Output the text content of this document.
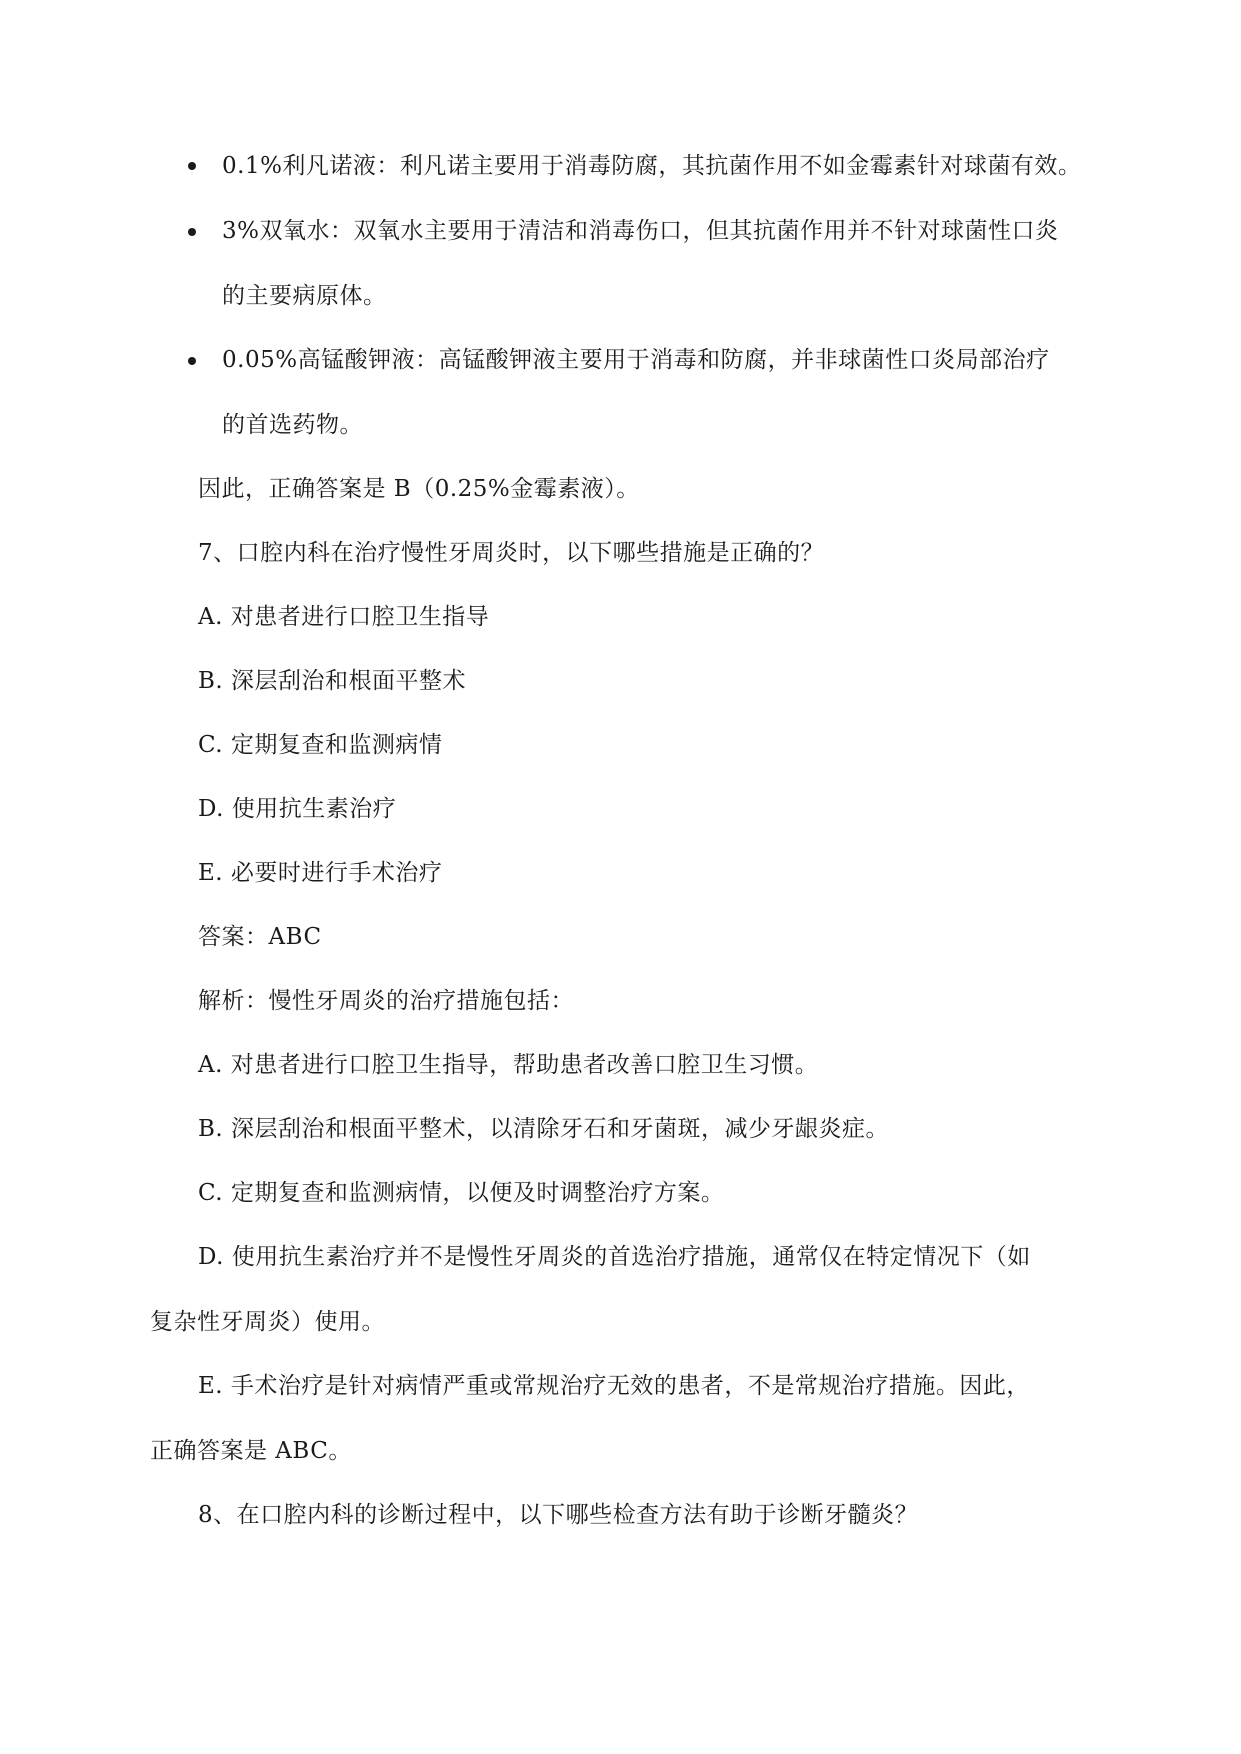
0.1%利凡诺液：利凡诺主要用于消毒防腐，其抗菌作用不如金霉素针对球菌有效。
3%双氧水：双氧水主要用于清洁和消毒伤口，但其抗菌作用并不针对球菌性口炎
的主要病原体。
0.05%高锰酸钾液：高锰酸钾液主要用于消毒和防腐，并非球菌性口炎局部治疗
的首选药物。
因此，正确答案是 B（0.25%金霉素液）。
7、口腔内科在治疗慢性牙周炎时，以下哪些措施是正确的？
A. 对患者进行口腔卫生指导
B. 深层刮治和根面平整术
C. 定期复查和监测病情
D. 使用抗生素治疗
E. 必要时进行手术治疗
答案：ABC
解析：慢性牙周炎的治疗措施包括：
A. 对患者进行口腔卫生指导，帮助患者改善口腔卫生习惯。
B. 深层刮治和根面平整术，以清除牙石和牙菌斑，减少牙龈炎症。
C. 定期复查和监测病情，以便及时调整治疗方案。
D. 使用抗生素治疗并不是慢性牙周炎的首选治疗措施，通常仅在特定情况下（如
复杂性牙周炎）使用。
E. 手术治疗是针对病情严重或常规治疗无效的患者，不是常规治疗措施。因此，
正确答案是 ABC。
8、在口腔内科的诊断过程中，以下哪些检查方法有助于诊断牙髓炎？
